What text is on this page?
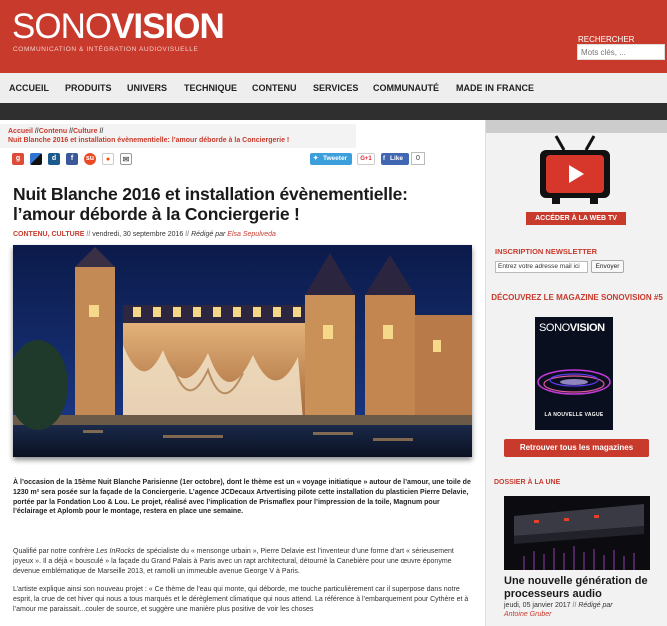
SONOVISION
COMMUNICATION & INTÉGRATION AUDIOVISUELLE
RECHERCHER
Mots clés, ...
ACCUEIL PRODUITS UNIVERS TECHNIQUE CONTENU SERVICES COMMUNAUTÉ MADE IN FRANCE
Accueil //Contenu //Culture //
Nuit Blanche 2016 et installation évènementielle: l’amour déborde à la Conciergerie !
g	d	f	su	●	✉	✦ Tweeter	G+1	f Like	0
Nuit Blanche 2016 et installation évènementielle: l’amour déborde à la Conciergerie !
CONTENU, CULTURE // vendredi, 30 septembre 2016 // Rédigé par Elsa Sepulveda

À l’occasion de la 15ème Nuit Blanche Parisienne (1er octobre), dont le thème est un « voyage initiatique » autour de l’amour, une toile de 1230 m² sera posée sur la façade de la Conciergerie. L’agence JCDecaux Artvertising pilote cette installation du plasticien Pierre Delavie, portée par la Fondation Loo & Lou. Le projet, réalisé avec l’implication de Prismaflex pour l’impression de la toile, Magnum pour l’éclairage et Aplomb pour le montage, restera en place une semaine.

Qualifié par notre confrère Les InRocks de spécialiste du « mensonge urbain », Pierre Delavie est l’inventeur d’une forme d’art « sérieusement joyeux ». Il a déjà « bousculé » la façade du Grand Palais à Paris avec un rapt architectural, détourné la Canebière pour une œuvre éponyme devenue emblématique de Marseille 2013, et ramolli un immeuble avenue George V à Paris.

L’artiste explique ainsi son nouveau projet : « Ce thème de l’eau qui monte, qui déborde, me touche particulièrement car il superpose dans notre esprit, la crue de cet hiver qui nous a tous marqués et le dérèglement climatique qui nous attend. La référence à l’embarquement pour Cythère et à l’amour me paraissait...couler de source, et suggère une manière plus positive de voir les choses

ACCÉDER À LA WEB TV
INSCRIPTION NEWSLETTER
Entrez votre adresse mail ici	Envoyer
DÉCOUVREZ LE MAGAZINE SONOVISION #5
SONOVISION
LA NOUVELLE VAGUE
Retrouver tous les magazines
DOSSIER À LA UNE
Une nouvelle génération de processeurs audio
jeudi, 05 janvier 2017 // Rédigé par
Antoine Gruber
